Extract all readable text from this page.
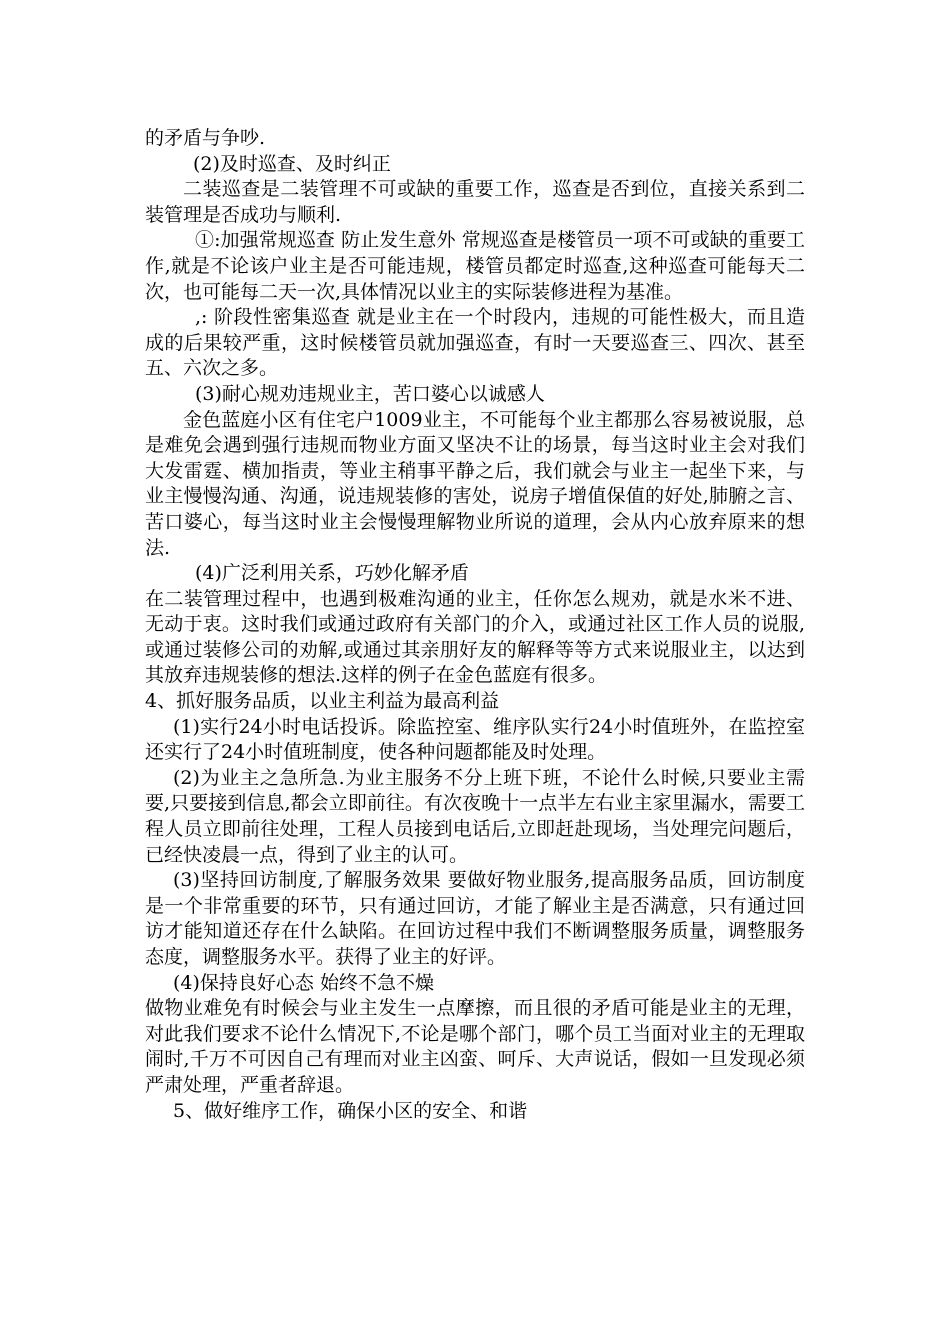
的矛盾与争吵.

(2)及时巡查、及时纠正

二装巡查是二装管理不可或缺的重要工作，巡查是否到位，直接关系到二装管理是否成功与顺利.

①:加强常规巡查 防止发生意外 常规巡查是楼管员一项不可或缺的重要工作,就是不论该户业主是否可能违规，楼管员都定时巡查,这种巡查可能每天二次，也可能每二天一次,具体情况以业主的实际装修进程为基准。

,: 阶段性密集巡查 就是业主在一个时段内，违规的可能性极大，而且造成的后果较严重，这时候楼管员就加强巡查，有时一天要巡查三、四次、甚至五、六次之多。

(3)耐心规劝违规业主，苦口婆心以诚感人

金色蓝庭小区有住宅户1009业主，不可能每个业主都那么容易被说服，总是难免会遇到强行违规而物业方面又坚决不让的场景，每当这时业主会对我们大发雷霆、横加指责，等业主稍事平静之后，我们就会与业主一起坐下来，与业主慢慢沟通、沟通，说违规装修的害处，说房子增值保值的好处,肺腑之言、苦口婆心，每当这时业主会慢慢理解物业所说的道理，会从内心放弃原来的想法.

(4)广泛利用关系，巧妙化解矛盾

在二装管理过程中，也遇到极难沟通的业主，任你怎么规劝，就是水米不进、无动于衷。这时我们或通过政府有关部门的介入，或通过社区工作人员的说服,或通过装修公司的劝解,或通过其亲朋好友的解释等等方式来说服业主，以达到其放弃违规装修的想法.这样的例子在金色蓝庭有很多。

4、抓好服务品质，以业主利益为最高利益

(1)实行24小时电话投诉。除监控室、维序队实行24小时值班外，在监控室还实行了24小时值班制度，使各种问题都能及时处理。

(2)为业主之急所急.为业主服务不分上班下班，不论什么时候,只要业主需要,只要接到信息,都会立即前往。有次夜晚十一点半左右业主家里漏水，需要工程人员立即前往处理，工程人员接到电话后,立即赶赴现场，当处理完问题后，已经快凌晨一点，得到了业主的认可。

(3)坚持回访制度,了解服务效果 要做好物业服务,提高服务品质，回访制度是一个非常重要的环节，只有通过回访，才能了解业主是否满意，只有通过回访才能知道还存在什么缺陷。在回访过程中我们不断调整服务质量，调整服务态度，调整服务水平。获得了业主的好评。

(4)保持良好心态 始终不急不燥

做物业难免有时候会与业主发生一点摩擦，而且很的矛盾可能是业主的无理，对此我们要求不论什么情况下,不论是哪个部门，哪个员工当面对业主的无理取闹时,千万不可因自己有理而对业主凶蛮、呵斥、大声说话，假如一旦发现必须严肃处理，严重者辞退。

5、做好维序工作，确保小区的安全、和谐
